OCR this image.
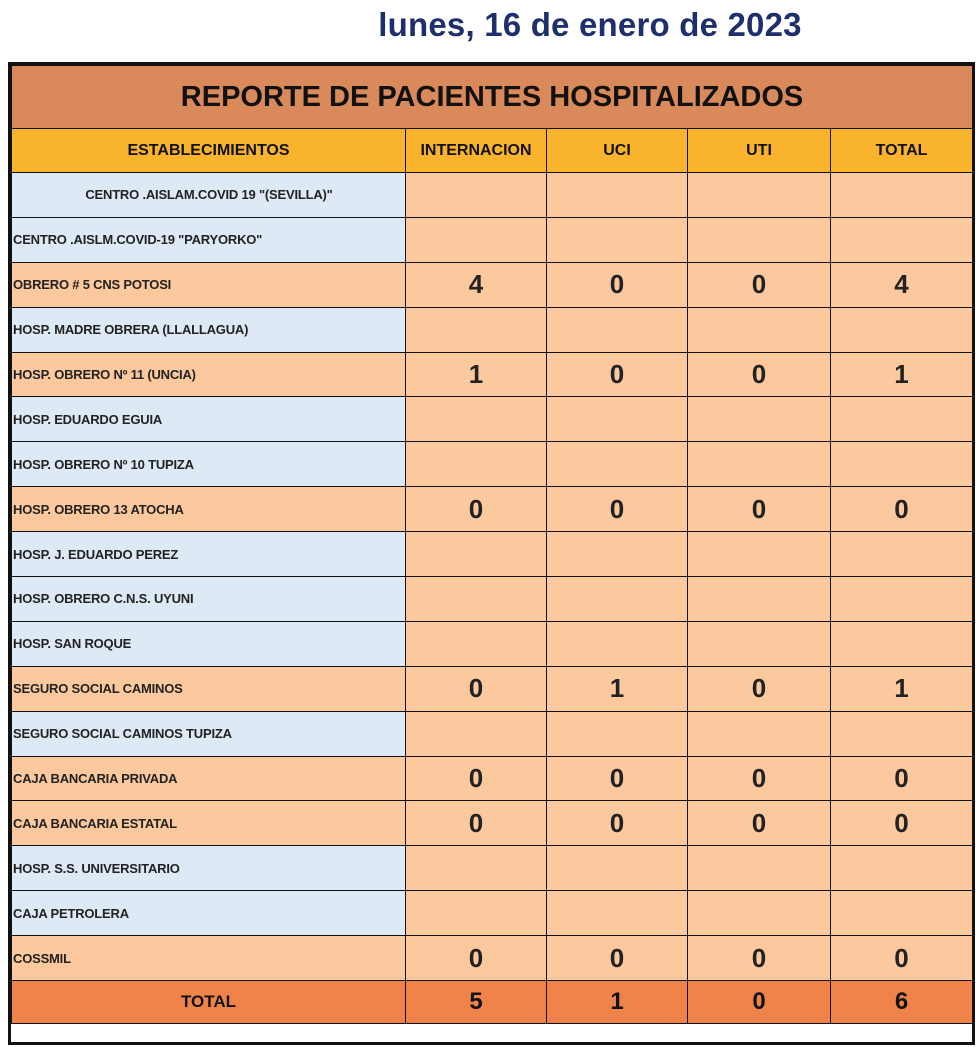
lunes, 16 de enero de 2023
REPORTE DE PACIENTES HOSPITALIZADOS				
ESTABLECIMIENTOS	INTERNACION	UCI	UTI	TOTAL
CENTRO .AISLAM.COVID 19 "(SEVILLA)"				
CENTRO .AISLM.COVID-19 "PARYORKO"				
OBRERO # 5 CNS POTOSI	4	0	0	4
HOSP. MADRE OBRERA (LLALLAGUA)				
HOSP. OBRERO Nº 11 (UNCIA)	1	0	0	1
HOSP. EDUARDO EGUIA				
HOSP. OBRERO Nº 10 TUPIZA				
HOSP. OBRERO 13 ATOCHA	0	0	0	0
HOSP. J. EDUARDO PEREZ				
HOSP. OBRERO C.N.S. UYUNI				
HOSP. SAN ROQUE				
SEGURO SOCIAL CAMINOS	0	1	0	1
SEGURO SOCIAL CAMINOS TUPIZA				
CAJA BANCARIA PRIVADA	0	0	0	0
CAJA BANCARIA ESTATAL	0	0	0	0
HOSP. S.S. UNIVERSITARIO				
CAJA PETROLERA				
COSSMIL	0	0	0	0
TOTAL	5	1	0	6
